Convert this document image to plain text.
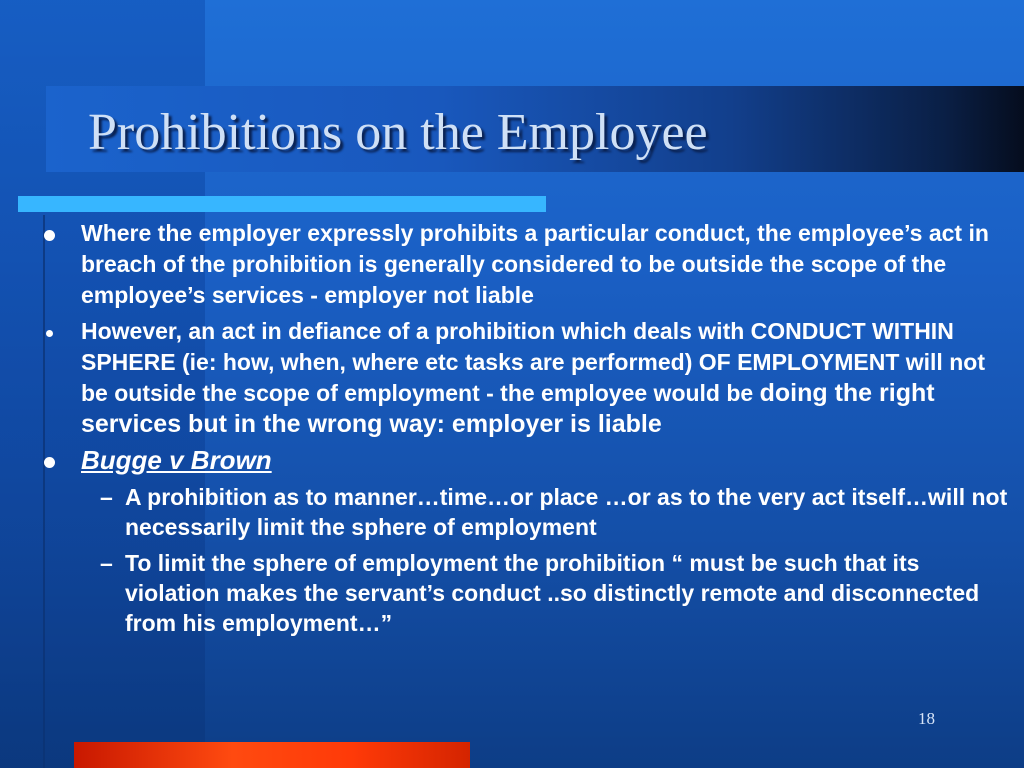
Prohibitions on the Employee
Where the employer expressly prohibits a particular conduct, the employee’s act in breach of the prohibition is generally considered to be outside the scope of the employee’s services - employer not liable
However, an act in defiance of a prohibition which deals with CONDUCT WITHIN SPHERE (ie: how, when, where etc tasks are performed) OF EMPLOYMENT will not be outside the scope of employment - the employee would be doing the right services but in the wrong way: employer is liable
Bugge v Brown
– A prohibition as to manner…time…or place …or as to the very act itself…will not necessarily limit the sphere of employment
– To limit the sphere of employment the prohibition “ must be such that its violation makes the servant’s conduct ..so distinctly remote and disconnected from his employment…”
18
